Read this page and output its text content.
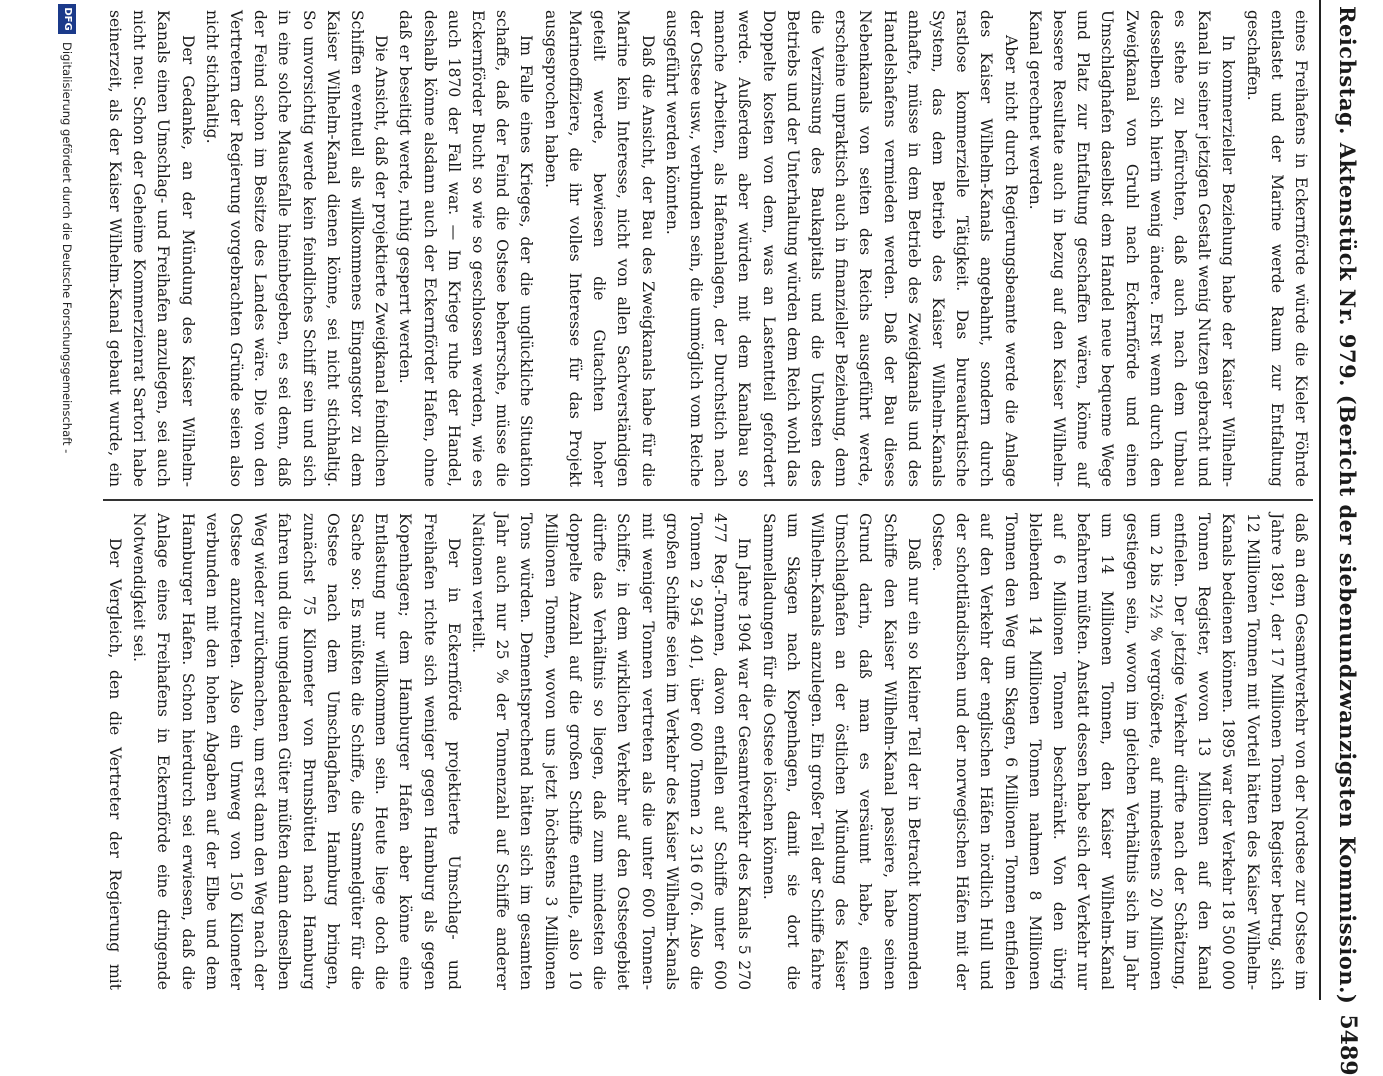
Reichstag. Aktenstück Nr. 979. (Bericht der siebenundzwanzigsten Kommission.)
5489

eines Freihafens in Eckernförde würde die Kieler Föhrde entlastet und der Marine werde Raum zur Entfaltung geschaffen.

In kommerzieller Beziehung habe der Kaiser Wilhelm-Kanal in seiner jetzigen Gestalt wenig Nutzen gebracht und es stehe zu befürchten, daß auch nach dem Umbau desselben sich hierin wenig ändere. Erst wenn durch den Zweigkanal von Gruhl nach Eckernförde und einen Umschlaghafen daselbst dem Handel neue bequeme Wege und Platz zur Entfaltung geschaffen wären, könne auf bessere Resultate auch in bezug auf den Kaiser Wilhelm-Kanal gerechnet werden.

Aber nicht durch Regierungsbeamte werde die Anlage des Kaiser Wilhelm-Kanals angebahnt, sondern durch rastlose kommerzielle Tätigkeit. Das bureaukratische System, das dem Betrieb des Kaiser Wilhelm-Kanals anhafte, müsse in dem Betrieb des Zweigkanals und des Handelshafens vermieden werden. Daß der Bau dieses Nebenkanals von seiten des Reichs ausgeführt werde, erscheine unpraktisch auch in finanzieller Beziehung, denn die Verzinsung des Baukapitals und die Unkosten des Betriebs und der Unterhaltung würden dem Reich wohl das Doppelte kosten von dem, was an Lastentteil gefordert werde. Außerdem aber würden mit dem Kanalbau so manche Arbeiten, als Hafenanlagen, der Durchstich nach der Ostsee usw., verbunden sein, die unmöglich vom Reiche ausgeführt werden könnten.

Daß die Ansicht, der Bau des Zweigkanals habe für die Marine kein Interesse, nicht von allen Sachverständigen geteilt werde, bewiesen die Gutachten hoher Marineoffiziere, die ihr volles Interesse für das Projekt ausgesprochen haben.

Im Falle eines Krieges, der die unglückliche Situation schaffe, daß der Feind die Ostsee beherrsche, müsse die Eckernförder Bucht so wie so geschlossen werden, wie es auch 1870 der Fall war. — Im Kriege ruhe der Handel, deshalb könne alsdann auch der Eckernförder Hafen, ohne daß er beseitigt werde, ruhig gesperrt werden.

Die Ansicht, daß der projektierte Zweigkanal feindlichen Schiffen eventuell als willkommenes Eingangstor zu dem Kaiser Wilhelm-Kanal dienen könne, sei nicht stichhaltig. So unvorsichtig werde kein feindliches Schiff sein und sich in eine solche Mausefalle hineinbegeben, es sei denn, daß der Feind schon im Besitze des Landes wäre. Die von den Vertretern der Regierung vorgebrachten Gründe seien also nicht stichhaltig.

Der Gedanke, an der Mündung des Kaiser Wilhelm-Kanals einen Umschlag- und Freihafen anzulegen, sei auch nicht neu. Schon der Geheime Kommerzienrat Sartori habe seinerzeit, als der Kaiser Wilhelm-Kanal gebaut wurde, ein

daß an dem Gesamtverkehr von der Nordsee zur Ostsee im Jahre 1891, der 17 Millionen Tonnen Register betrug, sich 12 Millionen Tonnen mit Vorteil hätten des Kaiser Wilhelm-Kanals bedienen können. 1895 war der Verkehr 18 500 000 Tonnen Register, wovon 13 Millionen auf den Kanal entfielen. Der jetzige Verkehr dürfte nach der Schätzung, um 2 bis 2½ % vergrößerte, auf mindestens 20 Millionen gestiegen sein, wovon im gleichen Verhältnis sich im Jahr um 14 Millionen Tonnen, den Kaiser Wilhelm-Kanal befahren müßten. Anstatt dessen habe sich der Verkehr nur auf 6 Millionen Tonnen beschränkt. Von den übrig bleibenden 14 Millionen Tonnen nahmen 8 Millionen Tonnen den Weg um Skagen, 6 Millionen Tonnen entfielen auf den Verkehr der englischen Häfen nördlich Hull und der schottländischen und der norwegischen Häfen mit der Ostsee.

Daß nur ein so kleiner Teil der in Betracht kommenden Schiffe den Kaiser Wilhelm-Kanal passiere, habe seinen Grund darin, daß man es versäumt habe, einen Umschlaghafen an der östlichen Mündung des Kaiser Wilhelm-Kanals anzulegen. Ein großer Teil der Schiffe fahre um Skagen nach Kopenhagen, damit sie dort die Sammelladungen für die Ostsee löschen können.

Im Jahre 1904 war der Gesamtverkehr des Kanals 5 270 477 Reg.-Tonnen, davon entfallen auf Schiffe unter 600 Tonnen 2 954 401, über 600 Tonnen 2 316 076. Also die großen Schiffe seien im Verkehr des Kaiser Wilhelm-Kanals mit weniger Tonnen vertreten als die unter 600 Tonnen-Schiffe; in dem wirklichen Verkehr auf den Ostseegebiet dürfte das Verhältnis so liegen, daß zum mindesten die doppelte Anzahl auf die großen Schiffe entfalle, also 10 Millionen Tonnen, wovon uns jetzt höchstens 3 Millionen Tons würden. Dementsprechend hätten sich im gesamten Jahr auch nur 25 % der Tonnenzahl auf Schiffe anderer Nationen verteilt.

Der in Eckernförde projektierte Umschlag- und Freihafen richte sich weniger gegen Hamburg als gegen Kopenhagen; dem Hamburger Hafen aber könne eine Entlastung nur willkommen sein. Heute liege doch die Sache so: Es müßten die Schiffe, die Sammelgüter für die Ostsee nach dem Umschlaghafen Hamburg bringen, zunächst 75 Kilometer von Brunsbüttel nach Hamburg fahren und die umgeladenen Güter müßten dann denselben Weg wieder zurückmachen, um erst dann den Weg nach der Ostsee anzutreten. Also ein Umweg von 150 Kilometer verbunden mit den hohen Abgaben auf der Elbe und dem Hamburger Hafen. Schon hierdurch sei erwiesen, daß die Anlage eines Freihafens in Eckernförde eine dringende Notwendigkeit sei.

Der Vergleich, den die Vertreter der Regierung mit

DFG
Digitalisierung gefördert durch die Deutsche Forschungsgemeinschaft -
